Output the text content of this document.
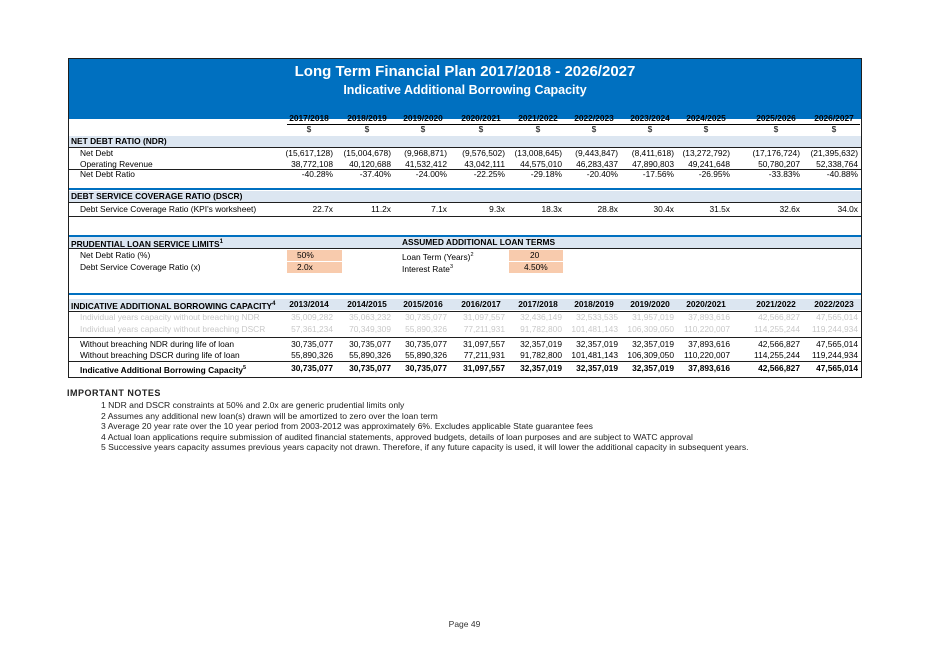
Long Term Financial Plan 2017/2018 - 2026/2027
Indicative Additional Borrowing Capacity
2017/2018	2018/2019	2019/2020	2020/2021	2021/2022	2022/2023	2023/2024	2024/2025	2025/2026	2026/2027
$	$	$	$	$	$	$	$	$	$
NET DEBT RATIO (NDR)
Net Debt	(15,617,128)	(15,004,678)	(9,968,871)	(9,576,502)	(13,008,645)	(9,443,847)	(8,411,618)	(13,272,792)	(17,176,724)	(21,395,632)
Operating Revenue	38,772,108	40,120,688	41,532,412	43,042,111	44,575,010	46,283,437	47,890,803	49,241,648	50,780,207	52,338,764
Net Debt Ratio	-40.28%	-37.40%	-24.00%	-22.25%	-29.18%	-20.40%	-17.56%	-26.95%	-33.83%	-40.88%
DEBT SERVICE COVERAGE RATIO (DSCR)
Debt Service Coverage Ratio (KPI's worksheet)	22.7x	11.2x	7.1x	9.3x	18.3x	28.8x	30.4x	31.5x	32.6x	34.0x
PRUDENTIAL LOAN SERVICE LIMITS$^1$	ASSUMED ADDITIONAL LOAN TERMS
Net Debt Ratio (%)	50%	Loan Term (Years)$^2$	20
Debt Service Coverage Ratio (x)	2.0x	Interest Rate$^3$	4.50%
INDICATIVE ADDITIONAL BORROWING CAPACITY$^4$	2013/2014	2014/2015	2015/2016	2016/2017	2017/2018	2018/2019	2019/2020	2020/2021	2021/2022	2022/2023
Individual years capacity without breaching NDR	35,009,282	35,063,232	30,735,077	31,097,557	32,436,149	32,533,535	31,957,019	37,893,616	42,566,827	47,565,014
Individual years capacity without breaching DSCR	57,361,234	70,349,309	55,890,326	77,211,931	91,782,800	101,481,143	106,309,050	110,220,007	114,255,244	119,244,934
Without breaching NDR during life of loan	30,735,077	30,735,077	30,735,077	31,097,557	32,357,019	32,357,019	32,357,019	37,893,616	42,566,827	47,565,014
Without breaching DSCR during life of loan	55,890,326	55,890,326	55,890,326	77,211,931	91,782,800	101,481,143	106,309,050	110,220,007	114,255,244	119,244,934
Indicative Additional Borrowing Capacity$^5$	30,735,077	30,735,077	30,735,077	31,097,557	32,357,019	32,357,019	32,357,019	37,893,616	42,566,827	47,565,014
IMPORTANT NOTES
1 NDR and DSCR constraints at 50% and 2.0x are generic prudential limits only
2 Assumes any additional new loan(s) drawn will be amortized to zero over the loan term
3 Average 20 year rate over the 10 year period from 2003-2012 was approximately 6%. Excludes applicable State guarantee fees
4 Actual loan applications require submission of audited financial statements, approved budgets, details of loan purposes and are subject to WATC approval
5 Successive years capacity assumes previous years capacity not drawn. Therefore, if any future capacity is used, it will lower the additional capacity in subsequent years.
Page 49
